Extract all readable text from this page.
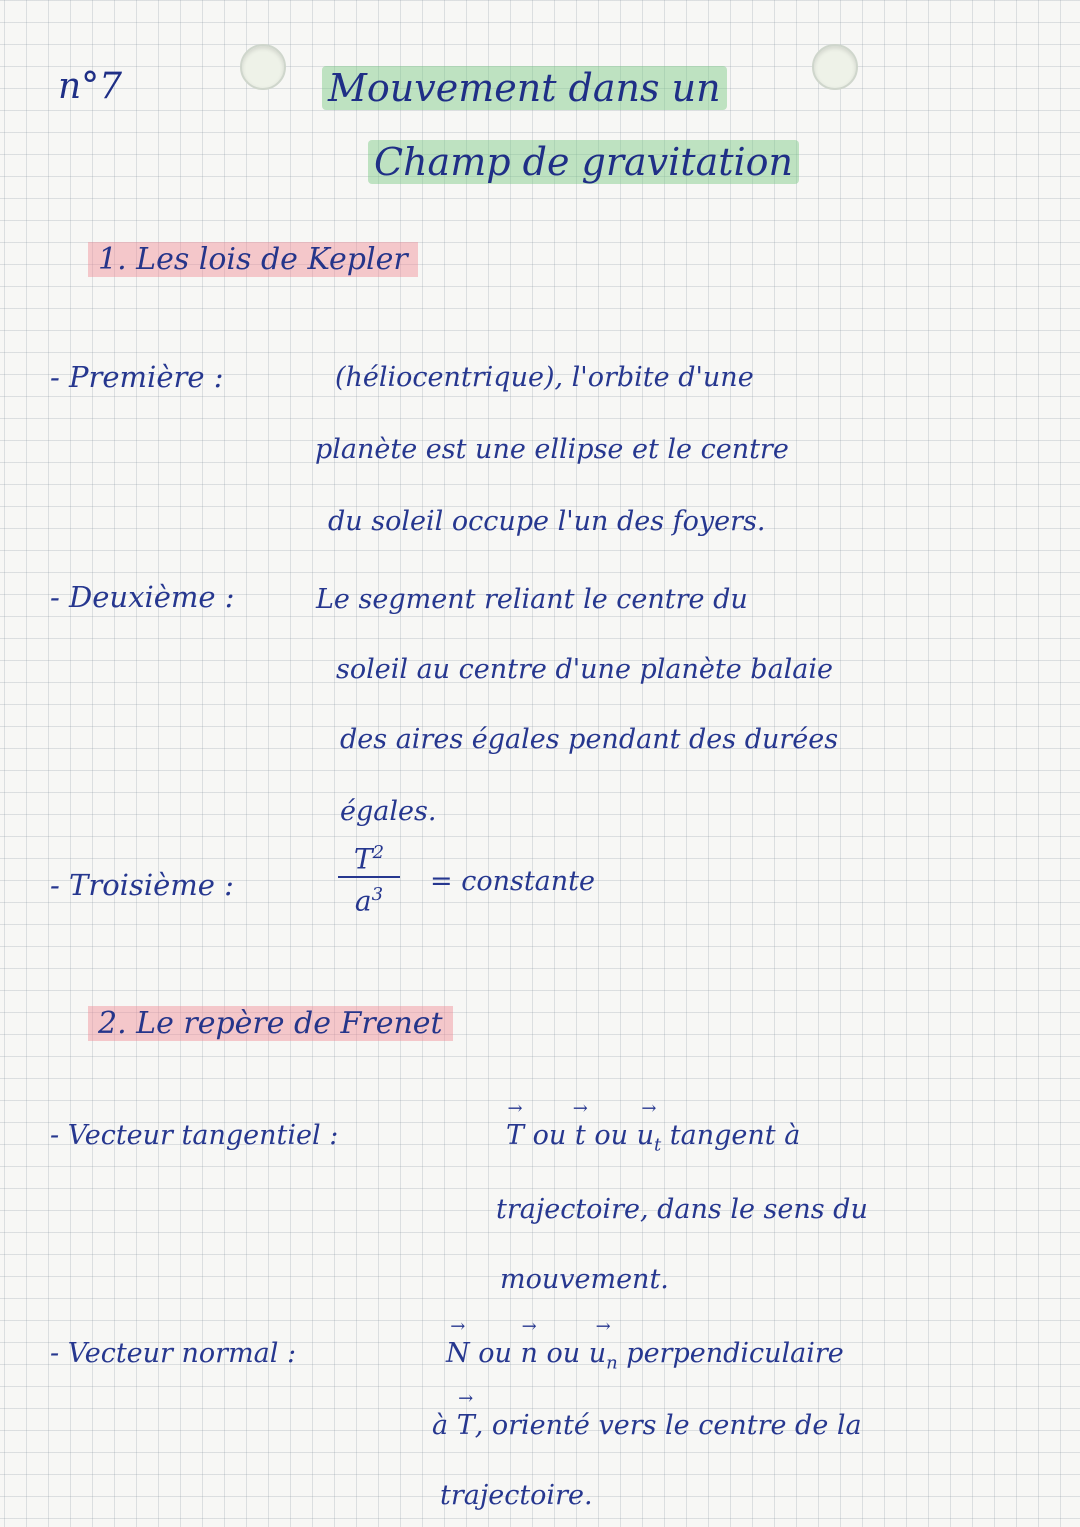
n°7	Mouvement dans un
Champ de gravitation
1. Les lois de Kepler
- Première :	(héliocentrique), l'orbite d'une
planète est une ellipse et le centre
du soleil occupe l'un des foyers.
- Deuxième :	Le segment reliant le centre du
soleil au centre d'une planète balaie
des aires égales pendant des durées
égales.
- Troisième :
$T^2$
$a^3$	= constante
2. Le repère de Frenet
- Vecteur tangentiel :	→ T ou → t ou → $u_t$ tangent à
trajectoire, dans le sens du
mouvement.
- Vecteur normal :	→ N ou → n ou → $u_n$ perpendiculaire
à → T, orienté vers le centre de la
trajectoire.
